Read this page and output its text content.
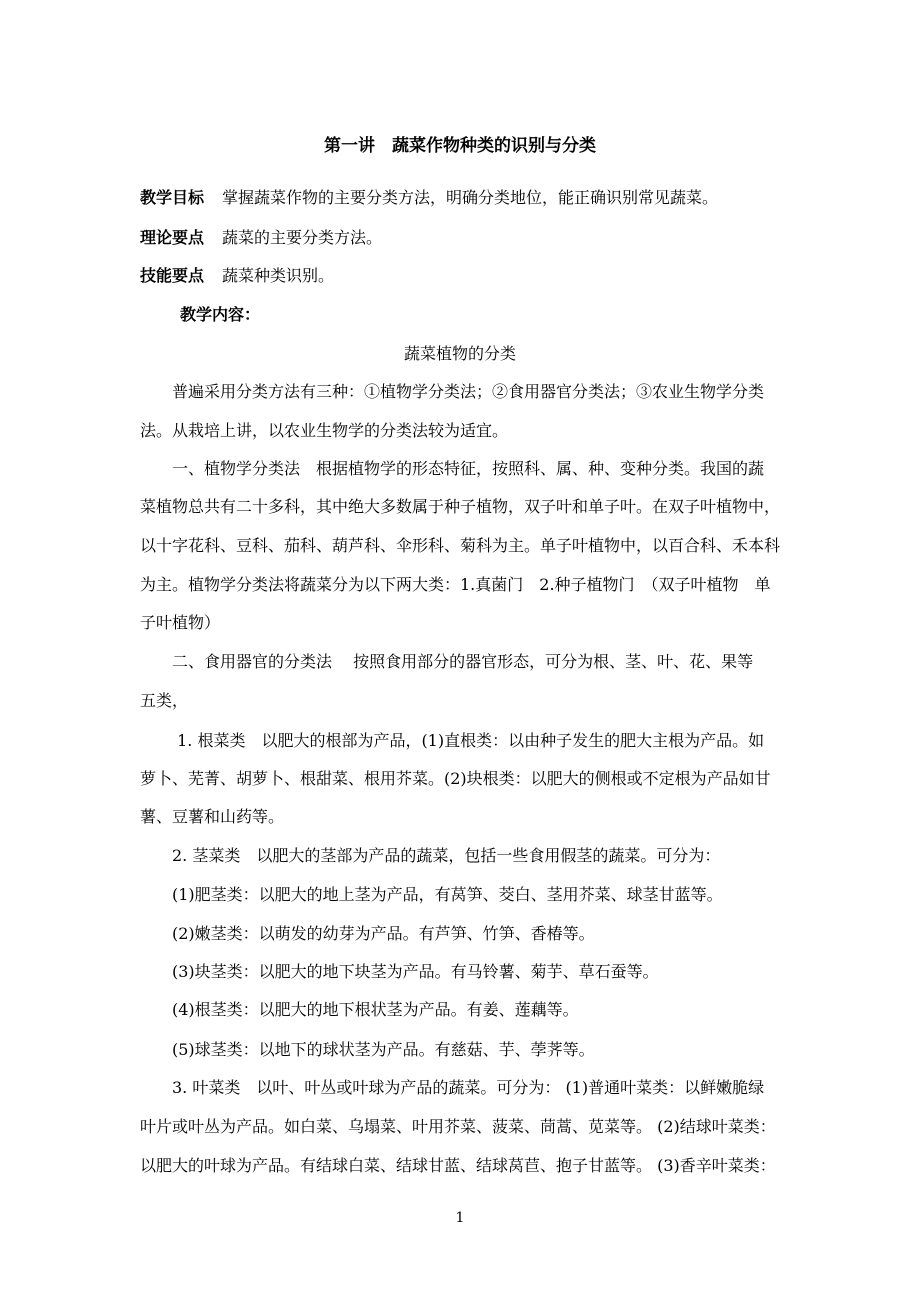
第一讲　蔬菜作物种类的识别与分类
教学目标 掌握蔬菜作物的主要分类方法，明确分类地位，能正确识别常见蔬菜。
理论要点 蔬菜的主要分类方法。
技能要点 蔬菜种类识别。
教学内容：
蔬菜植物的分类
　　普遍采用分类方法有三种：①植物学分类法；②食用器官分类法；③农业生物学分类
法。从栽培上讲，以农业生物学的分类法较为适宜。
　　一、植物学分类法　根据植物学的形态特征，按照科、属、种、变种分类。我国的蔬
菜植物总共有二十多科，其中绝大多数属于种子植物，双子叶和单子叶。在双子叶植物中，
以十字花科、豆科、茄科、葫芦科、伞形科、菊科为主。单子叶植物中，以百合科、禾本科
为主。植物学分类法将蔬菜分为以下两大类：1.真菌门　2.种子植物门　（双子叶植物　单
子叶植物）
　　二、食用器官的分类法　 按照食用部分的器官形态，可分为根、茎、叶、花、果等
五类，
　　 1. 根菜类　以肥大的根部为产品，(1)直根类：以由种子发生的肥大主根为产品。如
萝卜、芜菁、胡萝卜、根甜菜、根用芥菜。(2)块根类：以肥大的侧根或不定根为产品如甘
薯、豆薯和山药等。
　　2. 茎菜类　以肥大的茎部为产品的蔬菜，包括一些食用假茎的蔬菜。可分为：
　　(1)肥茎类：以肥大的地上茎为产品，有莴笋、茭白、茎用芥菜、球茎甘蓝等。
　　(2)嫩茎类：以萌发的幼芽为产品。有芦笋、竹笋、香椿等。
　　(3)块茎类：以肥大的地下块茎为产品。有马铃薯、菊芋、草石蚕等。
　　(4)根茎类：以肥大的地下根状茎为产品。有姜、莲藕等。
　　(5)球茎类：以地下的球状茎为产品。有慈菇、芋、荸荠等。
　　3. 叶菜类　以叶、叶丛或叶球为产品的蔬菜。可分为： (1)普通叶菜类：以鲜嫩脆绿
叶片或叶丛为产品。如白菜、乌塌菜、叶用芥菜、菠菜、茼蒿、苋菜等。 (2)结球叶菜类：
以肥大的叶球为产品。有结球白菜、结球甘蓝、结球莴苣、抱子甘蓝等。 (3)香辛叶菜类：
1
